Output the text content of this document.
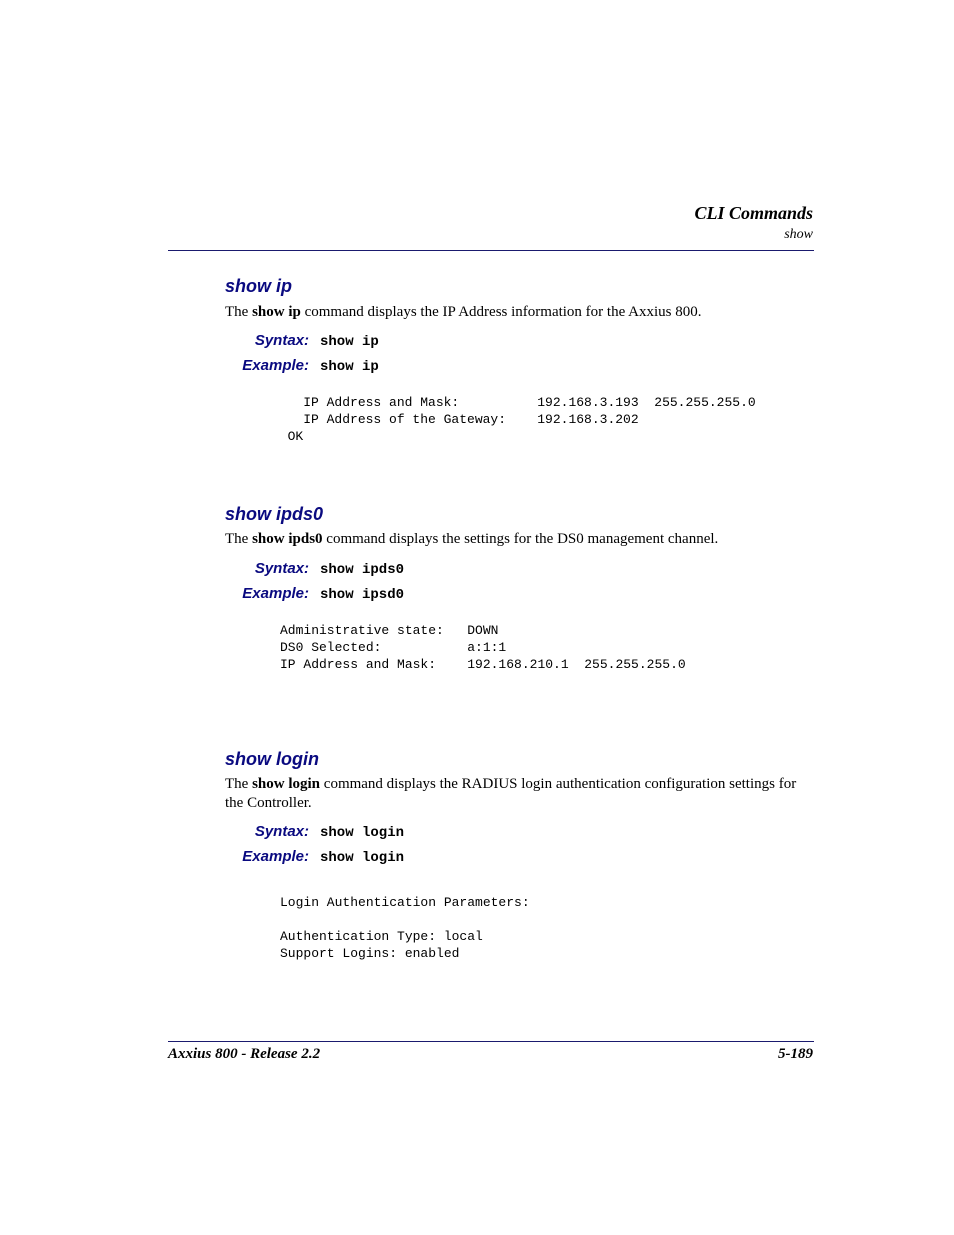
CLI Commands
show
show ip
The show ip command displays the IP Address information for the Axxius 800.
Syntax: show ip
Example: show ip
IP Address and Mask:          192.168.3.193  255.255.255.0
IP Address of the Gateway:    192.168.3.202
OK
show ipds0
The show ipds0 command displays the settings for the DS0 management channel.
Syntax: show ipds0
Example: show ipsd0
Administrative state:   DOWN
DS0 Selected:           a:1:1
IP Address and Mask:    192.168.210.1  255.255.255.0
show login
The show login command displays the RADIUS login authentication configuration settings for the Controller.
Syntax: show login
Example: show login
Login Authentication Parameters:

Authentication Type: local
Support Logins: enabled
Axxius 800 - Release 2.2	5-189
